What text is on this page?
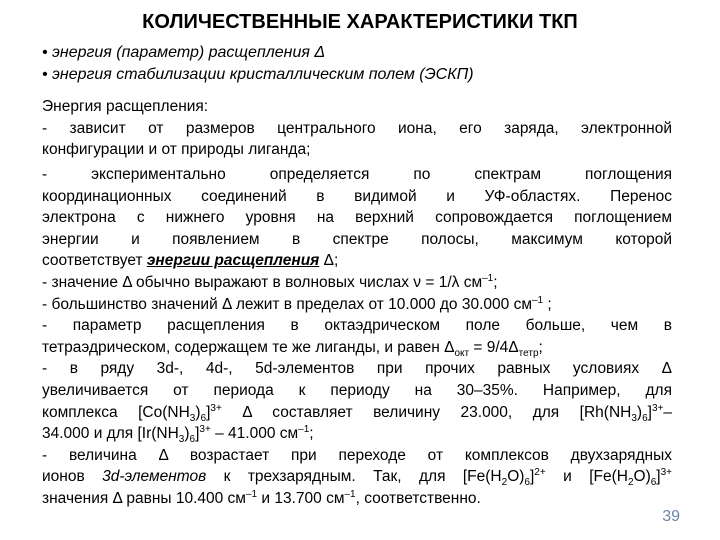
КОЛИЧЕСТВЕННЫЕ ХАРАКТЕРИСТИКИ ТКП
• энергия (параметр) расщепления Δ
• энергия стабилизации кристаллическим полем (ЭСКП)
Энергия расщепления:
- зависит от размеров центрального иона, его заряда, электронной
конфигурации и от природы лиганда;
- экспериментально определяется по спектрам поглощения
координационных соединений в видимой и УФ-областях. Перенос
электрона с нижнего уровня на верхний сопровождается поглощением
энергии и появлением в спектре полосы, максимум которой
соответствует энергии расщепления Δ;
- значение Δ обычно выражают в волновых числах ν = 1/λ $см^{-1}$;
- большинство значений Δ лежит в пределах от 10.000 до 30.000 $см^{-1}$ ;
- параметр расщепления в октаэдрическом поле больше, чем в
тетраэдрическом, содержащем те же лиганды, и равен $\Delta_{окт} = 9/4\Delta_{тетр}$;
- в ряду 3d-, 4d-, 5d-элементов при прочих равных условиях Δ
увеличивается от периода к периоду на 30–35%. Например, для
комплекса $[Co(NH_3)_6]^{3+}$ Δ составляет величину 23.000, для $[Rh(NH_3)_6]^{3+}-$
34.000 и для $[Ir(NH_3)_6]^{3+} - 41.000$ $см^{-1}$;
- величина Δ возрастает при переходе от комплексов двухзарядных
ионов 3d-элементов к трехзарядным. Так, для $[Fe(H_2O)_6]^{2+}$ и $[Fe(H_2O)_6]^{3+}$
значения Δ равны 10.400 $см^{-1}$ и 13.700 $см^{-1}$, соответственно.
39
